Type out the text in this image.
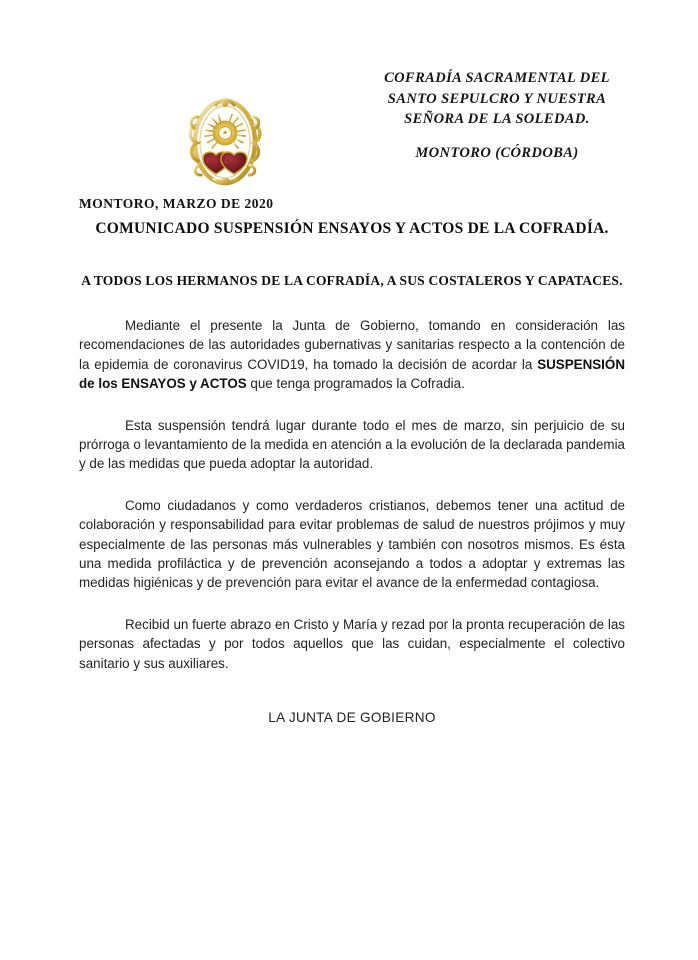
COFRADÍA SACRAMENTAL DEL
SANTO SEPULCRO Y NUESTRA
SEÑORA DE LA SOLEDAD.
MONTORO (CÓRDOBA)
MONTORO, MARZO DE 2020
COMUNICADO SUSPENSIÓN ENSAYOS Y ACTOS DE LA COFRADÍA.
A TODOS LOS HERMANOS DE LA COFRADÍA, A SUS COSTALEROS Y CAPATACES.

Mediante el presente la Junta de Gobierno, tomando en consideración las recomendaciones de las autoridades gubernativas y sanitarias respecto a la contención de la epidemia de coronavirus COVID19, ha tomado la decisión de acordar la SUSPENSIÓN de los ENSAYOS y ACTOS que tenga programados la Cofradia.

Esta suspensión tendrá lugar durante todo el mes de marzo, sin perjuicio de su prórroga o levantamiento de la medida en atención a la evolución de la declarada pandemia y de las medidas que pueda adoptar la autoridad.

Como ciudadanos y como verdaderos cristianos, debemos tener una actitud de colaboración y responsabilidad para evitar problemas de salud de nuestros prójimos y muy especialmente de las personas más vulnerables y también con nosotros mismos. Es ésta una medida profiláctica y de prevención aconsejando a todos a adoptar y extremas las medidas higiénicas y de prevención para evitar el avance de la enfermedad contagiosa.

Recibid un fuerte abrazo en Cristo y María y rezad por la pronta recuperación de las personas afectadas y por todos aquellos que las cuidan, especialmente el colectivo sanitario y sus auxiliares.

LA JUNTA DE GOBIERNO
